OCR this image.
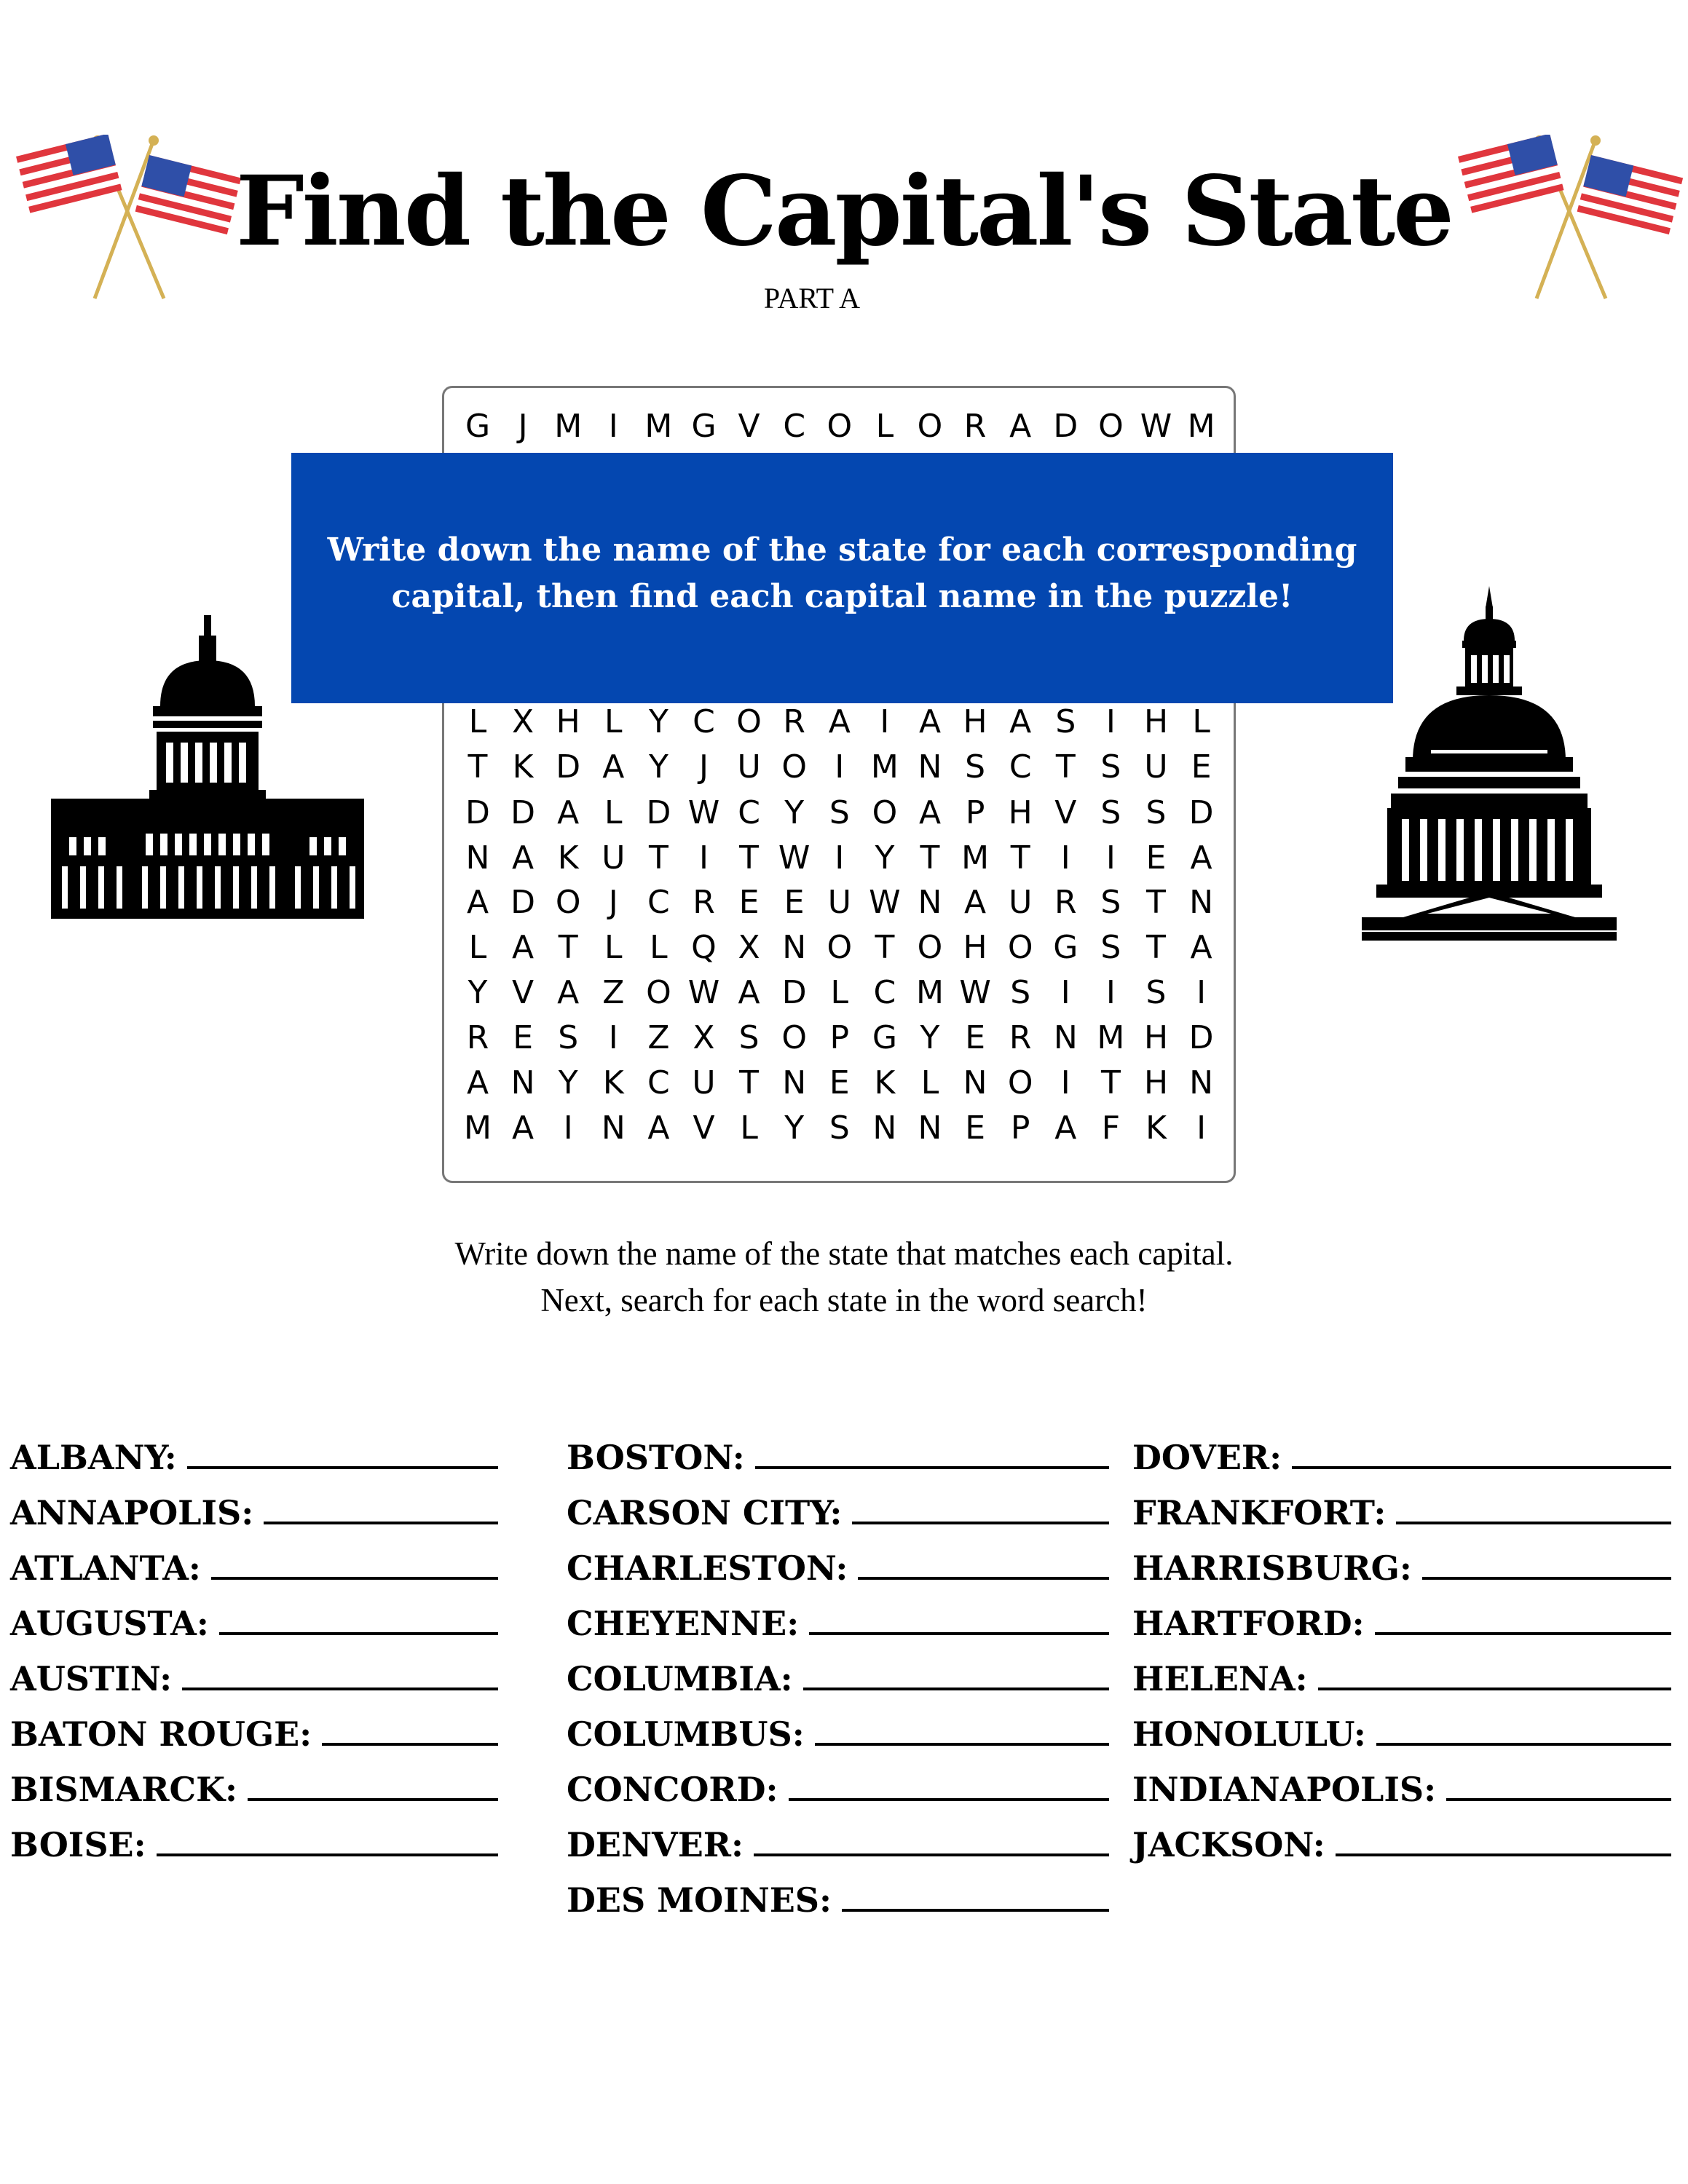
Find the Capital's State
PART A
G J M I M G V C O L O R A D O W M
L X H L Y C O R A I A H A S I H L
T K D A Y J U O I M N S C T S U E
D D A L D W C Y S O A P H V S S D
N A K U T I T W I Y T M T I	I E A
A D O J C R E E U W N A U R S T N
L A T L L Q X N O T O H O G S T A
Y V A Z O W A D L C M W S I	I S I
R E S I Z X S O P G Y E R N M H D
A N Y K C U T N E K L N O I T H N
M A I N A V L Y S N N E P A F K I
Write down the name of the state for each corresponding
capital, then find each capital name in the puzzle!
Write down the name of the state that matches each capital.
Next, search for each state in the word search!
ALBANY:
ANNAPOLIS:
ATLANTA:
AUGUSTA:
AUSTIN:
BATON ROUGE:
BISMARCK:
BOISE:
BOSTON:
CARSON CITY:
CHARLESTON:
CHEYENNE:
COLUMBIA:
COLUMBUS:
CONCORD:
DENVER:
DES MOINES:
DOVER:
FRANKFORT:
HARRISBURG:
HARTFORD:
HELENA:
HONOLULU:
INDIANAPOLIS:
JACKSON:
